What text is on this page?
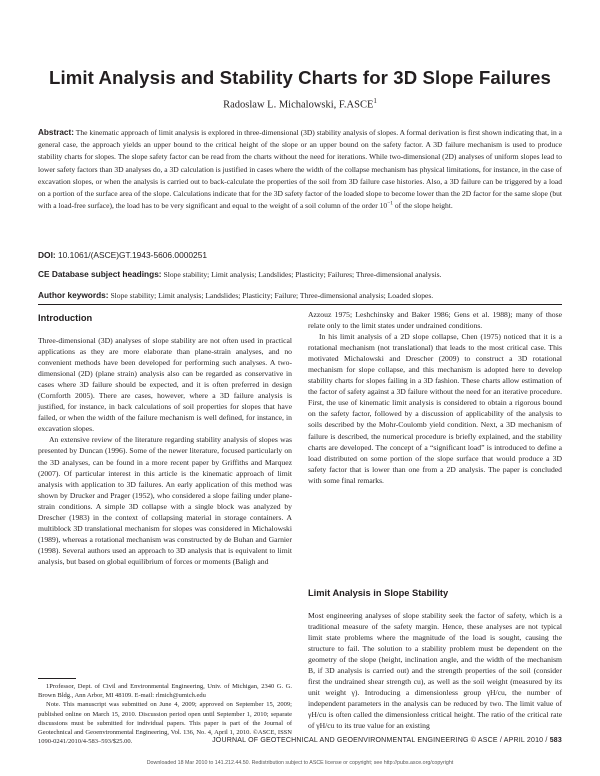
Limit Analysis and Stability Charts for 3D Slope Failures
Radoslaw L. Michalowski, F.ASCE$^1$

Abstract: The kinematic approach of limit analysis is explored in three-dimensional (3D) stability analysis of slopes. A formal derivation is first shown indicating that, in a general case, the approach yields an upper bound to the critical height of the slope or an upper bound on the safety factor. A 3D failure mechanism is used to produce stability charts for slopes. The slope safety factor can be read from the charts without the need for iterations. While two-dimensional (2D) analyses of uniform slopes lead to lower safety factors than 3D analyses do, a 3D calculation is justified in cases where the width of the collapse mechanism has physical limitations, for instance, in the case of excavation slopes, or when the analysis is carried out to back-calculate the properties of the soil from 3D failure case histories. Also, a 3D failure can be triggered by a load on a portion of the surface area of the slope. Calculations indicate that for the 3D safety factor of the loaded slope to become lower than the 2D factor for the same slope (but with a load-free surface), the load has to be very significant and equal to the weight of a soil column of the order $10^{-1}$ of the slope height.

DOI: 10.1061/(ASCE)GT.1943-5606.0000251
CE Database subject headings: Slope stability; Limit analysis; Landslides; Plasticity; Failures; Three-dimensional analysis.
Author keywords: Slope stability; Limit analysis; Landslides; Plasticity; Failure; Three-dimensional analysis; Loaded slopes.
Introduction

Three-dimensional (3D) analyses of slope stability are not often used in practical applications as they are more elaborate than plane-strain analyses, and no convenient methods have been developed for performing such analyses. A two-dimensional (2D) (plane strain) analysis also can be regarded as conservative in cases where 3D failure should be expected, and it is often preferred in design (Cornforth 2005). There are cases, however, where a 3D failure analysis is justified, for instance, in back calculations of soil properties for slopes that have failed, or when the width of the failure mechanism is well defined, for instance, in excavation slopes.

An extensive review of the literature regarding stability analysis of slopes was presented by Duncan (1996). Some of the newer literature, focused particularly on the 3D analyses, can be found in a more recent paper by Griffiths and Marquez (2007). Of particular interest in this article is the kinematic approach of limit analysis with application to 3D failures. An early application of this method was shown by Drucker and Prager (1952), who considered a slope failing under plane-strain conditions. A simple 3D collapse with a single block was analyzed by Drescher (1983) in the context of collapsing material in storage containers. A multiblock 3D translational mechanism for slopes was considered in Michalowski (1989), whereas a rotational mechanism was constructed by de Buhan and Garnier (1998). Several authors used an approach to 3D analysis that is equivalent to limit analysis, but based on global equilibrium of forces or moments (Baligh and

Azzouz 1975; Leshchinsky and Baker 1986; Gens et al. 1988); many of those relate only to the limit states under undrained conditions.

In his limit analysis of a 2D slope collapse, Chen (1975) noticed that it is a rotational mechanism (not translational) that leads to the most critical case. This motivated Michalowski and Drescher (2009) to construct a 3D rotational mechanism for slope collapse, and this mechanism is adopted here to develop stability charts for slopes failing in a 3D fashion. These charts allow estimation of the factor of safety against a 3D failure without the need for an iterative procedure. First, the use of kinematic limit analysis is considered to obtain a rigorous bound on the safety factor, followed by a discussion of applicability of the analysis to soils described by the Mohr-Coulomb yield condition. Next, a 3D mechanism of failure is described, the numerical procedure is briefly explained, and the stability charts are developed. The concept of a “significant load” is introduced to define a load distributed on some portion of the slope surface that would produce a 3D safety factor that is lower than one from a 2D analysis. The paper is concluded with some final remarks.

Limit Analysis in Slope Stability

Most engineering analyses of slope stability seek the factor of safety, which is a traditional measure of the safety margin. Hence, these analyses are not typical limit state problems where the magnitude of the load is sought, causing the structure to fail. The solution to a stability problem must be dependent on the geometry of the slope (height, inclination angle, and the width of the mechanism B, if 3D analysis is carried out) and the strength properties of the soil (consider first the undrained shear strength cu), as well as the soil weight (measured by its unit weight γ). Introducing a dimensionless group γH/cu, the number of independent parameters in the analysis can be reduced by two. The limit value of γH/cu is often called the dimensionless critical height. The ratio of the critical rate of γH/cu to its true value for an existing

1Professor, Dept. of Civil and Environmental Engineering, Univ. of Michigan, 2340 G. G. Brown Bldg., Ann Arbor, MI 48109. E-mail: rlmich@umich.edu

Note. This manuscript was submitted on June 4, 2009; approved on September 15, 2009; published online on March 15, 2010. Discussion period open until September 1, 2010; separate discussions must be submitted for individual papers. This paper is part of the Journal of Geotechnical and Geoenvironmental Engineering, Vol. 136, No. 4, April 1, 2010. ©ASCE, ISSN 1090-0241/2010/4-583–593/$25.00.	JOURNAL OF GEOTECHNICAL AND GEOENVIRONMENTAL ENGINEERING © ASCE / APRIL 2010 / 583
Downloaded 18 Mar 2010 to 141.212.44.50. Redistribution subject to ASCE license or copyright; see http://pubs.asce.org/copyright
